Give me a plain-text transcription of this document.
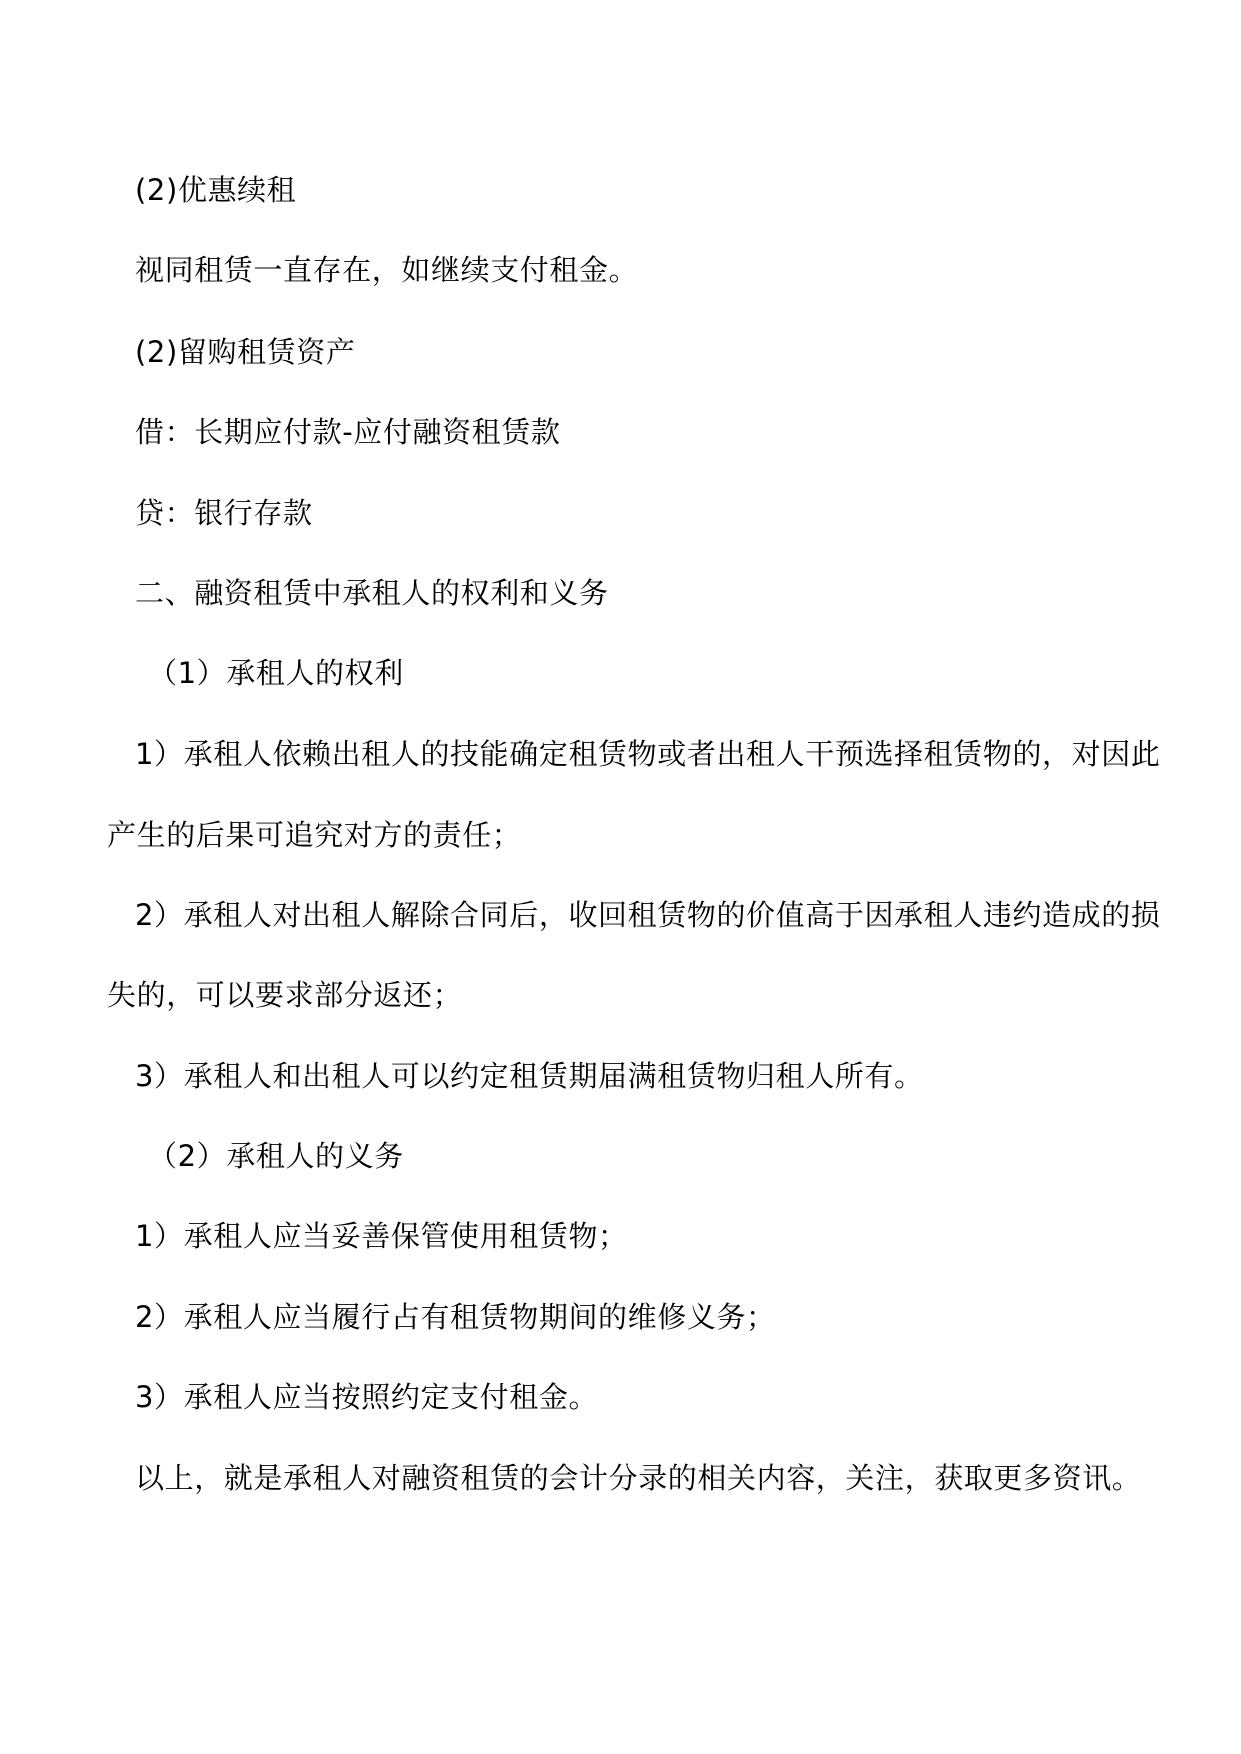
(2)优惠续租

视同租赁一直存在，如继续支付租金。

(2)留购租赁资产

借：长期应付款-应付融资租赁款

贷：银行存款

二、融资租赁中承租人的权利和义务

（1）承租人的权利

1）承租人依赖出租人的技能确定租赁物或者出租人干预选择租赁物的，对因此

产生的后果可追究对方的责任；

2）承租人对出租人解除合同后，收回租赁物的价值高于因承租人违约造成的损

失的，可以要求部分返还；

3）承租人和出租人可以约定租赁期届满租赁物归租人所有。

（2）承租人的义务

1）承租人应当妥善保管使用租赁物；

2）承租人应当履行占有租赁物期间的维修义务；

3）承租人应当按照约定支付租金。

以上，就是承租人对融资租赁的会计分录的相关内容，关注，获取更多资讯。
